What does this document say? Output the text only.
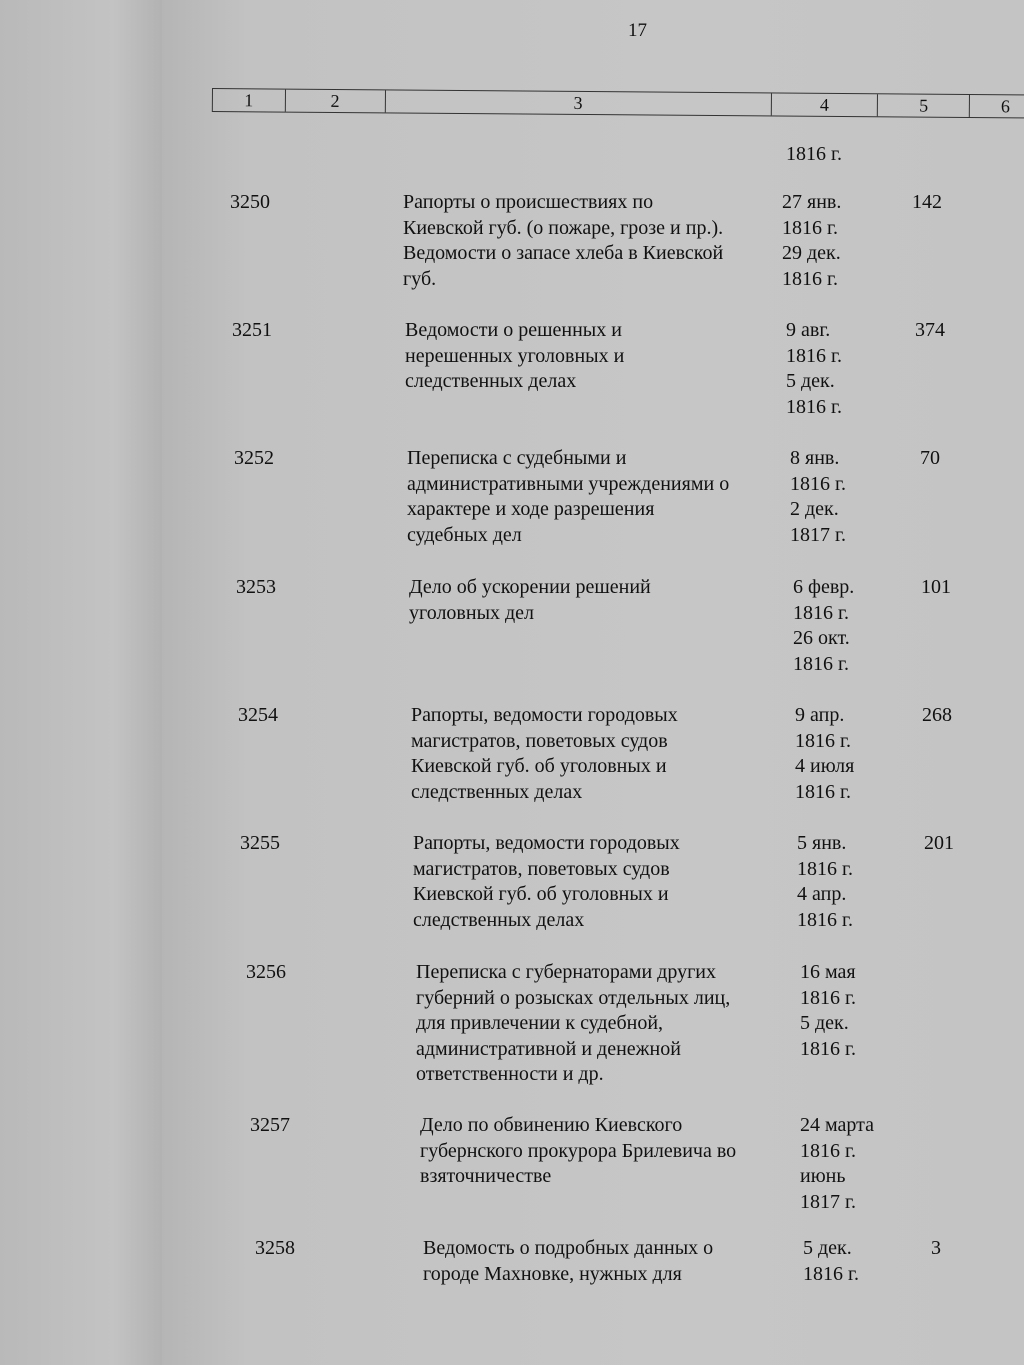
17
1	2	3	4	5	6
1816 г.
3250	Рапорты о происшествиях по
Киевской губ. (о пожаре, грозе и пр.).
Ведомости о запасе хлеба в Киевской
губ.
27 янв.
1816 г.
29 дек.
1816 г.
142
3251	Ведомости о решенных и
нерешенных уголовных и
следственных делах
9 авг.
1816 г.
5 дек.
1816 г.
374
3252	Переписка с судебными и
административными учреждениями о
характере и ходе разрешения
судебных дел
8 янв.
1816 г.
2 дек.
1817 г.
70
3253	Дело об ускорении решений
уголовных дел
6 февр.
1816 г.
26 окт.
1816 г.
101
3254	Рапорты, ведомости городовых
магистратов, поветовых судов
Киевской губ. об уголовных и
следственных делах
9 апр.
1816 г.
4 июля
1816 г.
268
3255	Рапорты, ведомости городовых
магистратов, поветовых судов
Киевской губ. об уголовных и
следственных делах
5 янв.
1816 г.
4 апр.
1816 г.
201
3256	Переписка с губернаторами других
губерний о розысках отдельных лиц,
для привлечении к судебной,
административной и денежной
ответственности и др.
16 мая
1816 г.
5 дек.
1816 г.
3257	Дело по обвинению Киевского
губернского прокурора Брилевича во
взяточничестве
24 марта
1816 г.
июнь
1817 г.
3258	Ведомость о подробных данных о
городе Махновке, нужных для
5 дек.
1816 г.
3
